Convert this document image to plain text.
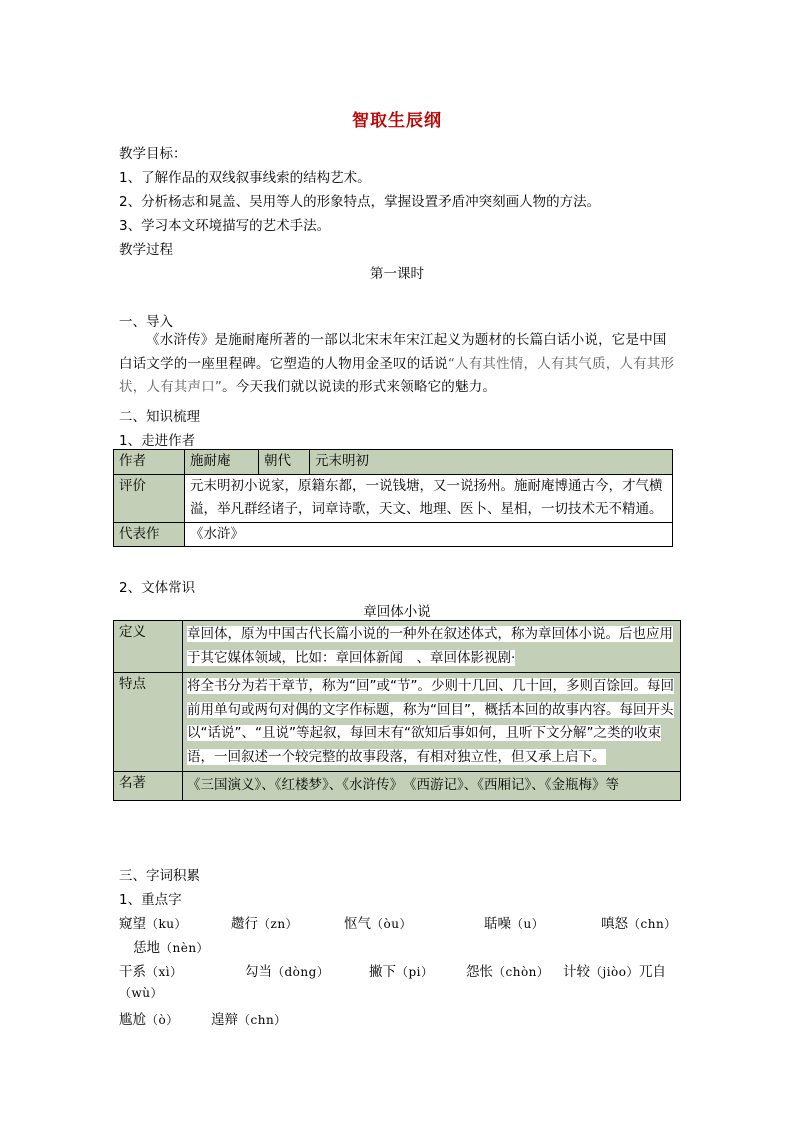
智取生辰纲
教学目标：
1、了解作品的双线叙事线索的结构艺术。
2、分析杨志和晁盖、吴用等人的形象特点，掌握设置矛盾冲突刻画人物的方法。
3、学习本文环境描写的艺术手法。
教学过程
第一课时
一、导入
《水浒传》是施耐庵所著的一部以北宋末年宋江起义为题材的长篇白话小说，它是中国白话文学的一座里程碑。它塑造的人物用金圣叹的话说“人有其性情，人有其气质，人有其形状，人有其声口”。今天我们就以说读的形式来领略它的魅力。
二、知识梳理
1、走进作者
作者	施耐庵	朝代	元末明初
评价	元末明初小说家，原籍东都，一说钱塘，又一说扬州。施耐庵博通古今，才气横溢，举凡群经诸子，词章诗歌，天文、地理、医卜、星相，一切技术无不精通。		
代表作	《水浒》		
2、文体常识
章回体小说
定义	章回体，原为中国古代长篇小说的一种外在叙述体式，称为章回体小说。后也应用于其它媒体领域，比如：章回体新闻　、章回体影视剧·
特点	将全书分为若干章节，称为“回”或“节”。少则十几回、几十回，多则百馀回。每回前用单句或两句对偶的文字作标题，称为“回目”，概括本回的故事内容。每回开头以“话说”、“且说”等起叙，每回末有“欲知后事如何，且听下文分解”之类的收束语，一回叙述一个较完整的故事段落，有相对独立性，但又承上启下。
名著	《三国演义》、《红楼梦》、《水浒传》　《西游记》、《西厢记》、《金瓶梅》等
三、字词积累
1、重点字
窥望（ku）	趱行（zn）	怄气（òu）	聒噪（u）	嗔怒（chn）
恁地（nèn）
干系（xì）	勾当（dòng）	撇下（pi） 怨怅（chòn） 计较（jiòo）兀自
（wù）
尴尬（ò） 遑辩（chn）
